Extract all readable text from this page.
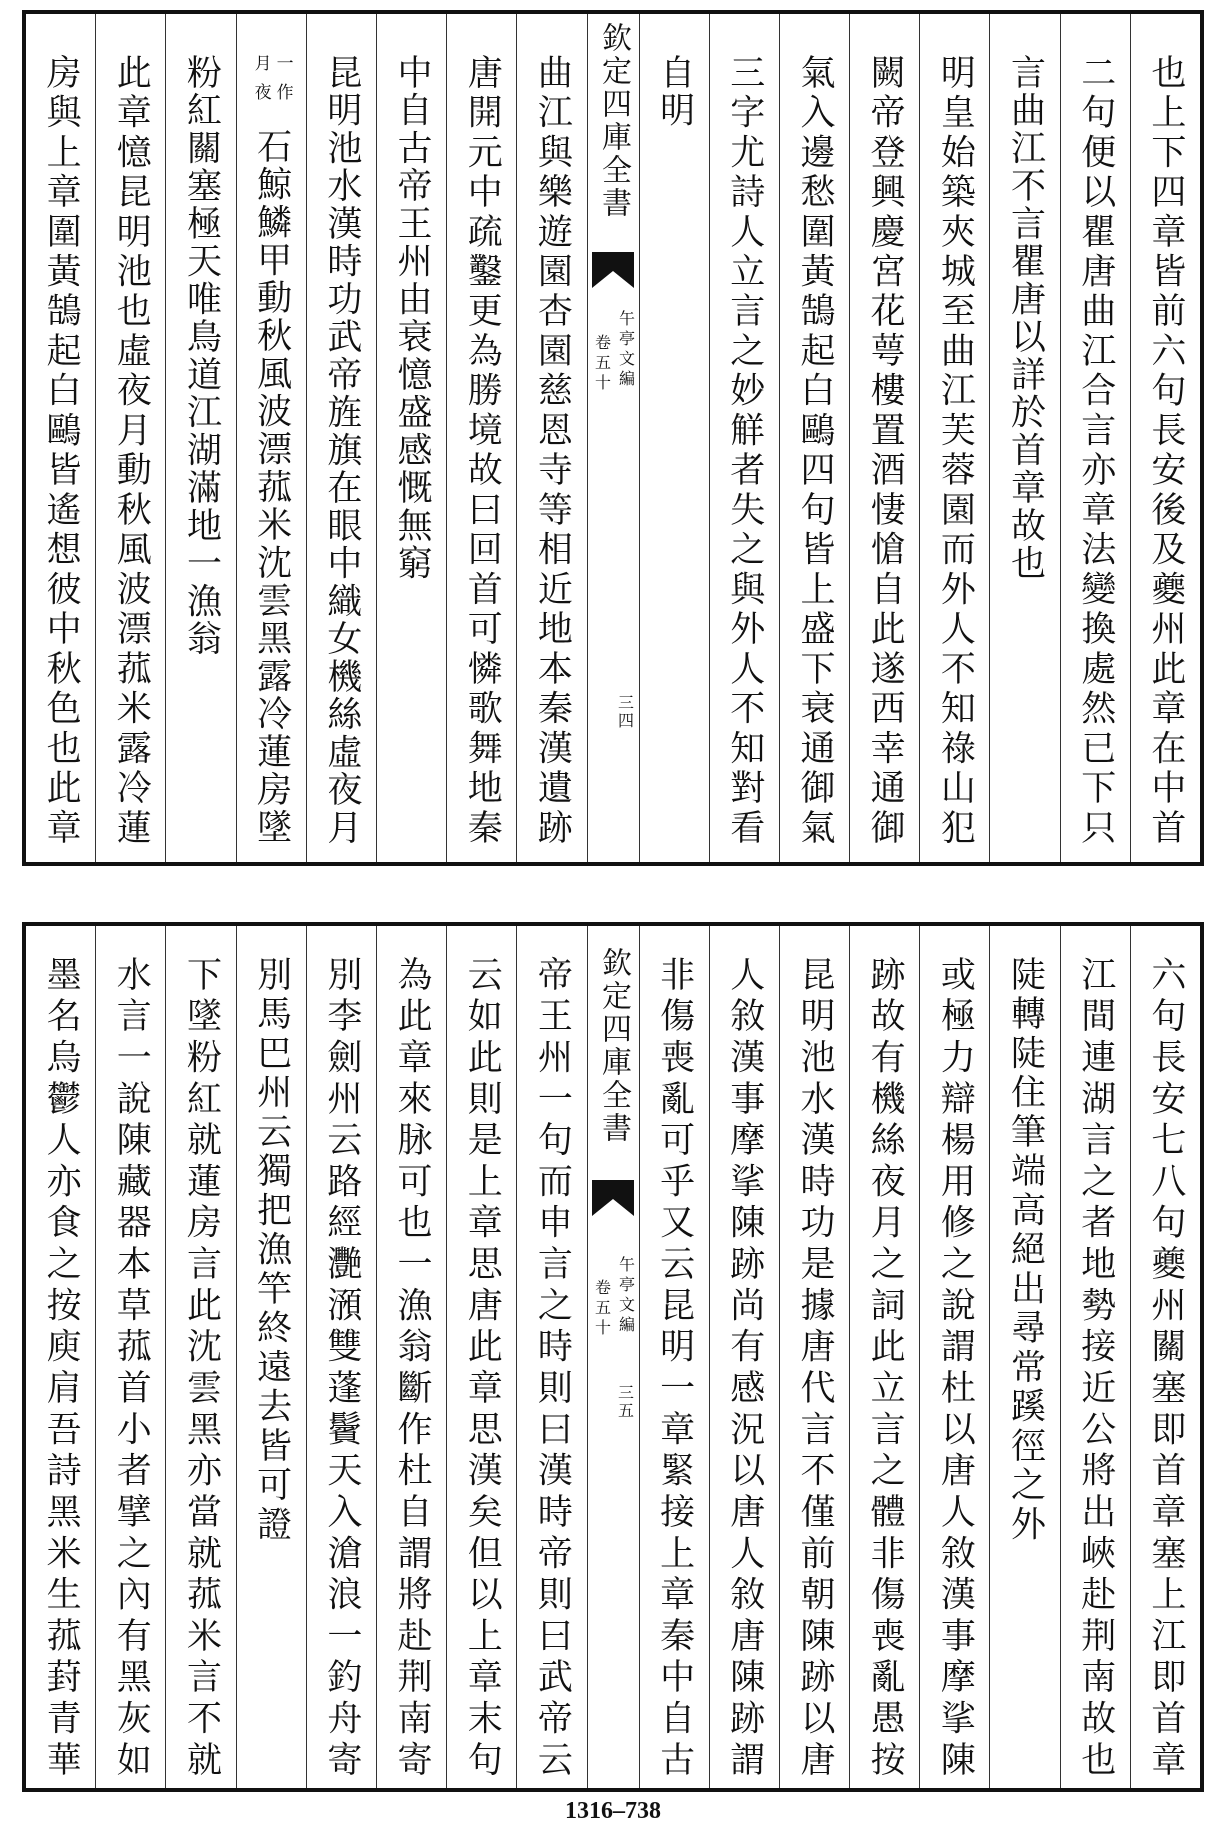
也上下四章皆前六句長安後及夔州此章在中首
二句便以瞿唐曲江合言亦章法變換處然已下只
言曲江不言瞿唐以詳於首章故也
明皇始築夾城至曲江芙蓉園而外人不知祿山犯
闕帝登興慶宮花萼樓置酒悽愴自此遂西幸通御
氣入邊愁圍黃鵠起白鷗四句皆上盛下衰通御氣
三字尤詩人立言之妙觧者失之與外人不知對看
自明
欽定四庫全書
午亭文編
卷五十
三四
曲江與樂遊園杏園慈恩寺等相近地本秦漢遺跡
唐開元中疏鑿更為勝境故曰回首可憐歌舞地秦
中自古帝王州由衰憶盛感慨無窮
昆明池水漢時功武帝旌旗在眼中織女機絲虛夜月
一作
月夜
石鯨鱗甲動秋風波漂菰米沈雲黑露冷蓮房墜
粉紅關塞極天唯鳥道江湖滿地一漁翁
此章憶昆明池也虛夜月動秋風波漂菰米露冷蓮
房與上章圍黃鵠起白鷗皆遙想彼中秋色也此章
六句長安七八句夔州關塞即首章塞上江即首章
江間連湖言之者地勢接近公將出峽赴荆南故也
陡轉陡住筆端高絕出尋常蹊徑之外
或極力辯楊用修之說謂杜以唐人敘漢事摩挲陳
跡故有機絲夜月之詞此立言之體非傷喪亂愚按
昆明池水漢時功是據唐代言不僅前朝陳跡以唐
人敘漢事摩挲陳跡尚有感況以唐人敘唐陳跡謂
非傷喪亂可乎又云昆明一章緊接上章秦中自古
欽定四庫全書
午亭文編
卷五十
三五
帝王州一句而申言之時則曰漢時帝則曰武帝云
云如此則是上章思唐此章思漢矣但以上章末句
為此章來脉可也一漁翁斷作杜自謂將赴荆南寄
別李劍州云路經灧澦雙蓬鬢天入滄浪一釣舟寄
別馬巴州云獨把漁竿終遠去皆可證
下墜粉紅就蓮房言此沈雲黑亦當就菰米言不就
水言一說陳藏器本草菰首小者擘之內有黑灰如
墨名烏鬱人亦食之按庾肩吾詩黑米生菰葑青華
1316–738
